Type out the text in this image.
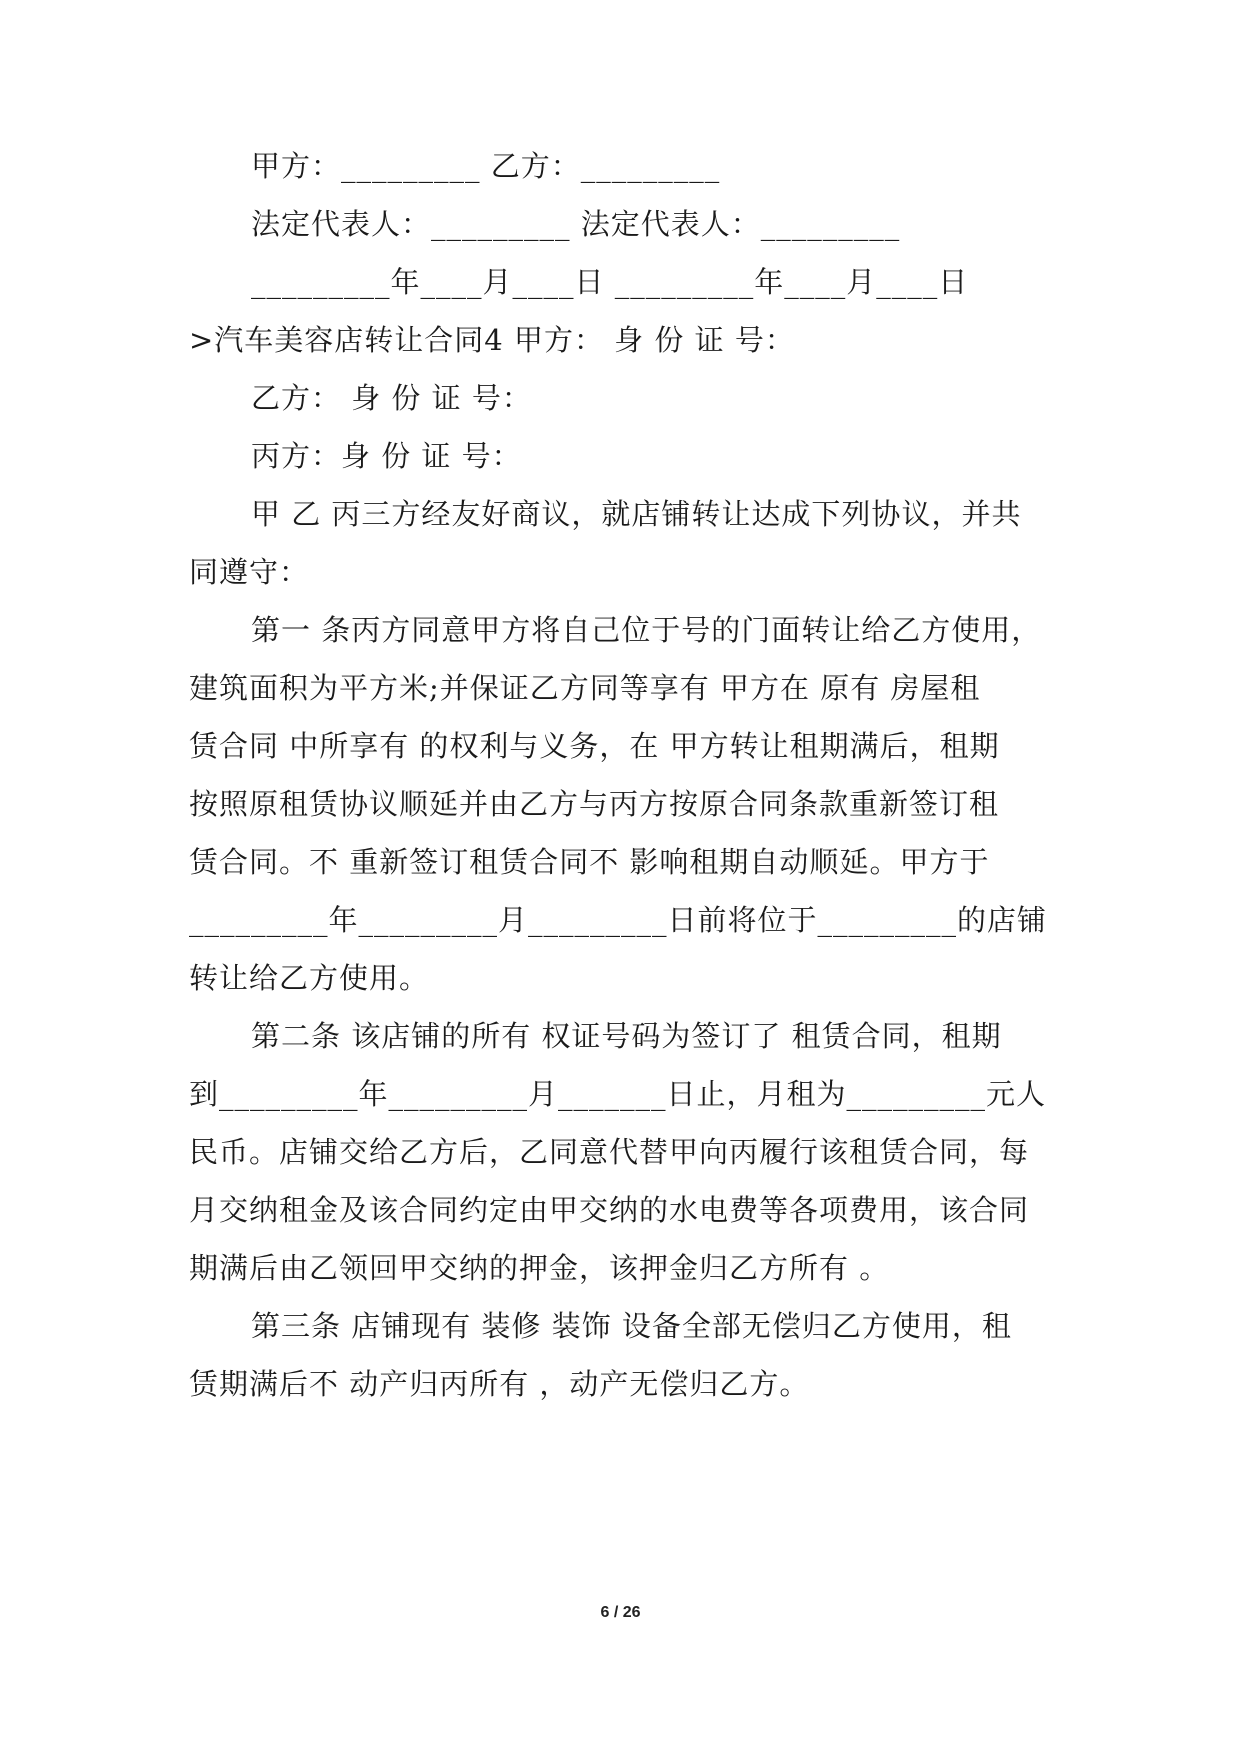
甲方：_________ 乙方：_________
法定代表人：_________ 法定代表人：_________
_________年____月____日 _________年____月____日
>汽车美容店转让合同4 甲方： 身 份 证 号：
乙方： 身 份 证 号：
丙方：身 份 证 号：
甲 乙 丙三方经友好商议，就店铺转让达成下列协议，并共
同遵守：
第一 条丙方同意甲方将自己位于号的门面转让给乙方使用，
建筑面积为平方米;并保证乙方同等享有 甲方在 原有 房屋租
赁合同 中所享有 的权利与义务，在 甲方转让租期满后，租期
按照原租赁协议顺延并由乙方与丙方按原合同条款重新签订租
赁合同。不 重新签订租赁合同不 影响租期自动顺延。甲方于
_________年_________月_________日前将位于_________的店铺
转让给乙方使用。
第二条 该店铺的所有 权证号码为签订了 租赁合同，租期
到_________年_________月_______日止，月租为_________元人
民币。店铺交给乙方后，乙同意代替甲向丙履行该租赁合同，每
月交纳租金及该合同约定由甲交纳的水电费等各项费用，该合同
期满后由乙领回甲交纳的押金，该押金归乙方所有 。
第三条 店铺现有 装修 装饰 设备全部无偿归乙方使用，租
赁期满后不 动产归丙所有 ，动产无偿归乙方。
6 / 26
